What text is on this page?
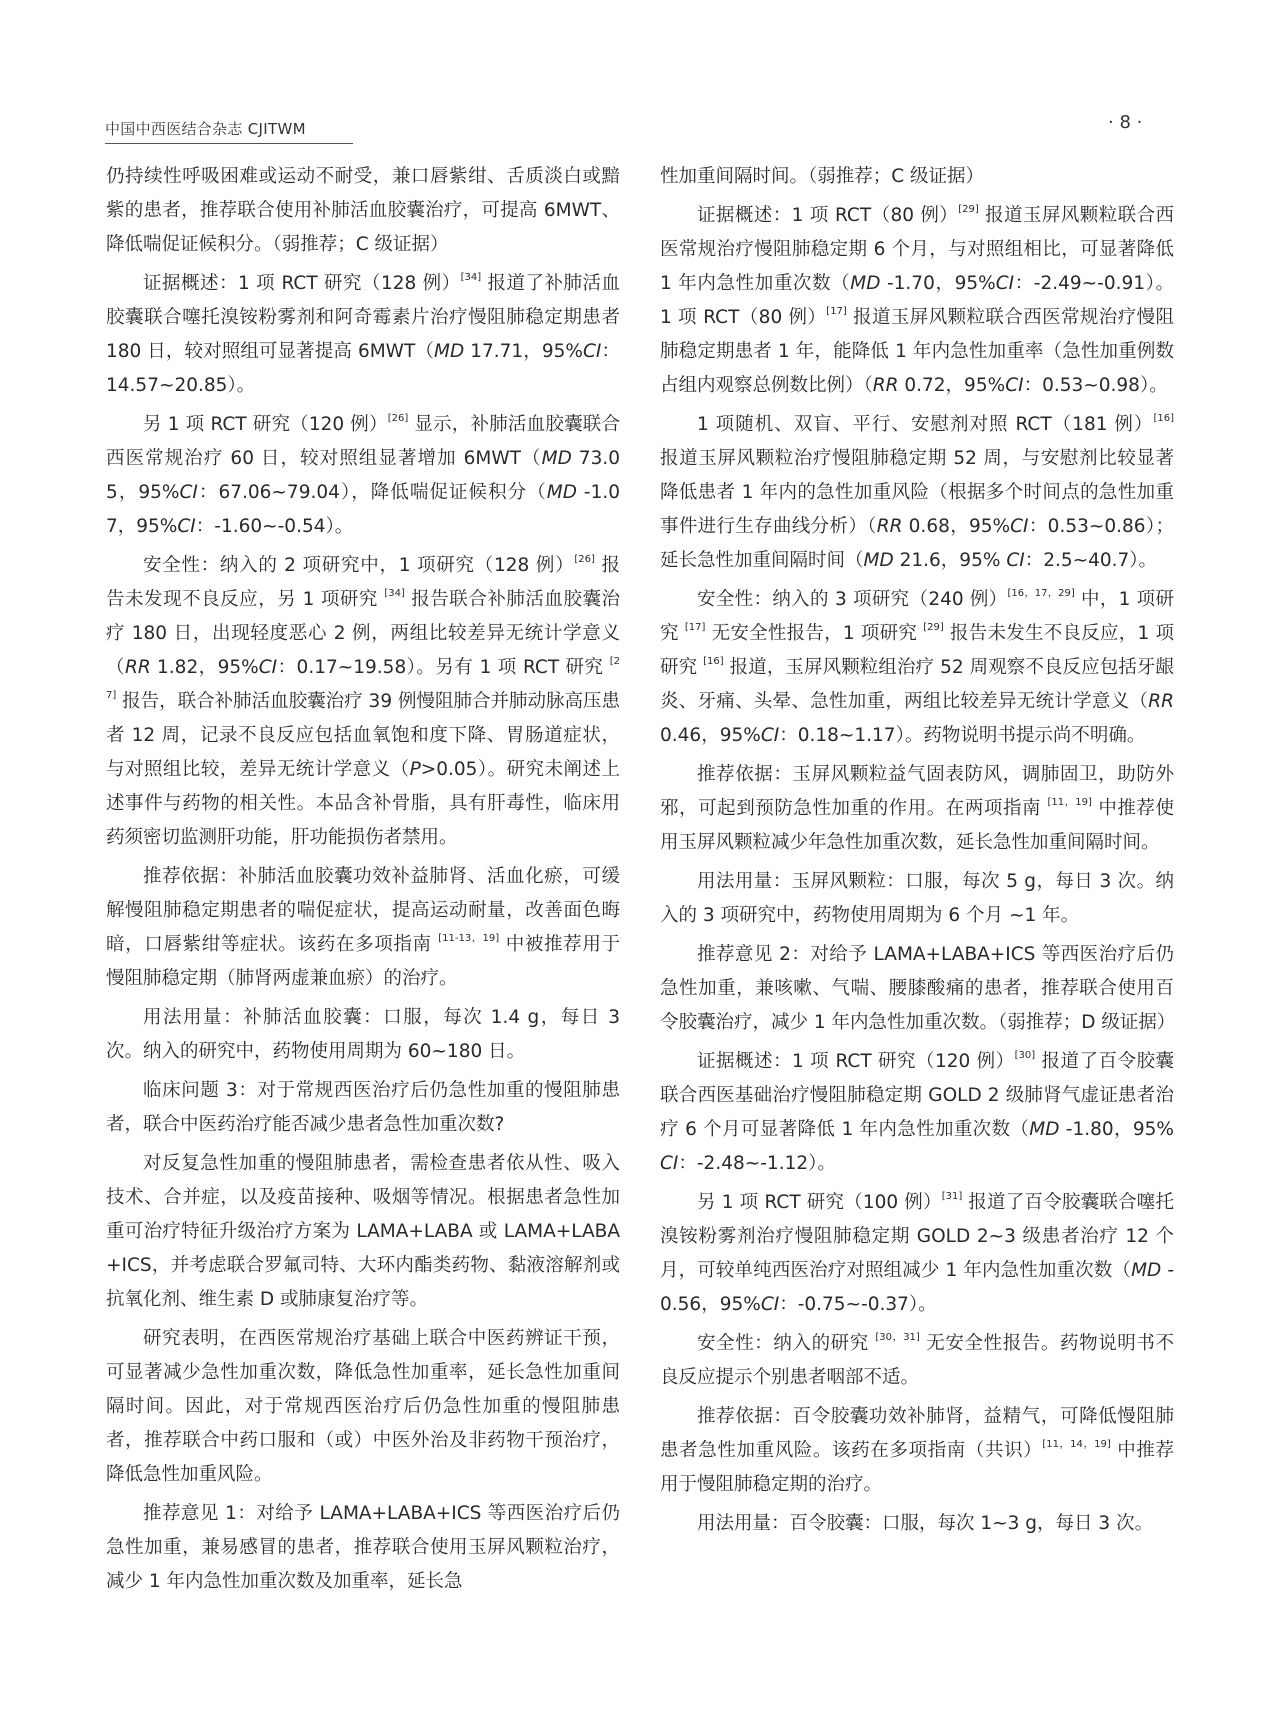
中国中西医结合杂志 CJITWM	· 8 ·

仍持续性呼吸困难或运动不耐受，兼口唇紫绀、舌质淡白或黯紫的患者，推荐联合使用补肺活血胶囊治疗，可提高 6MWT、降低喘促证候积分。（弱推荐；C 级证据）

证据概述：1 项 RCT 研究（128 例）[34] 报道了补肺活血胶囊联合噻托溴铵粉雾剂和阿奇霉素片治疗慢阻肺稳定期患者 180 日，较对照组可显著提高 6MWT（MD 17.71，95%CI：14.57~20.85）。

另 1 项 RCT 研究（120 例）[26] 显示，补肺活血胶囊联合西医常规治疗 60 日，较对照组显著增加 6MWT（MD 73.05，95%CI：67.06~79.04），降低喘促证候积分（MD -1.07，95%CI：-1.60~-0.54）。

安全性：纳入的 2 项研究中，1 项研究（128 例）[26] 报告未发现不良反应，另 1 项研究 [34] 报告联合补肺活血胶囊治疗 180 日，出现轻度恶心 2 例，两组比较差异无统计学意义（RR 1.82，95%CI：0.17~19.58）。另有 1 项 RCT 研究 [27] 报告，联合补肺活血胶囊治疗 39 例慢阻肺合并肺动脉高压患者 12 周，记录不良反应包括血氧饱和度下降、胃肠道症状，与对照组比较，差异无统计学意义（P>0.05）。研究未阐述上述事件与药物的相关性。本品含补骨脂，具有肝毒性，临床用药须密切监测肝功能，肝功能损伤者禁用。

推荐依据：补肺活血胶囊功效补益肺肾、活血化瘀，可缓解慢阻肺稳定期患者的喘促症状，提高运动耐量，改善面色晦暗，口唇紫绀等症状。该药在多项指南 [11-13，19] 中被推荐用于慢阻肺稳定期（肺肾两虚兼血瘀）的治疗。

用法用量：补肺活血胶囊：口服，每次 1.4 g，每日 3 次。纳入的研究中，药物使用周期为 60~180 日。

临床问题 3：对于常规西医治疗后仍急性加重的慢阻肺患者，联合中医药治疗能否减少患者急性加重次数?

对反复急性加重的慢阻肺患者，需检查患者依从性、吸入技术、合并症，以及疫苗接种、吸烟等情况。根据患者急性加重可治疗特征升级治疗方案为 LAMA+LABA 或 LAMA+LABA+ICS，并考虑联合罗氟司特、大环内酯类药物、黏液溶解剂或抗氧化剂、维生素 D 或肺康复治疗等。

研究表明，在西医常规治疗基础上联合中医药辨证干预，可显著减少急性加重次数，降低急性加重率，延长急性加重间隔时间。因此，对于常规西医治疗后仍急性加重的慢阻肺患者，推荐联合中药口服和（或）中医外治及非药物干预治疗，降低急性加重风险。

推荐意见 1：对给予 LAMA+LABA+ICS 等西医治疗后仍急性加重，兼易感冒的患者，推荐联合使用玉屏风颗粒治疗，减少 1 年内急性加重次数及加重率，延长急

性加重间隔时间。（弱推荐；C 级证据）

证据概述：1 项 RCT（80 例）[29] 报道玉屏风颗粒联合西医常规治疗慢阻肺稳定期 6 个月，与对照组相比，可显著降低 1 年内急性加重次数（MD -1.70，95%CI：-2.49~-0.91）。1 项 RCT（80 例）[17] 报道玉屏风颗粒联合西医常规治疗慢阻肺稳定期患者 1 年，能降低 1 年内急性加重率（急性加重例数占组内观察总例数比例）（RR 0.72，95%CI：0.53~0.98）。

1 项随机、双盲、平行、安慰剂对照 RCT（181 例）[16] 报道玉屏风颗粒治疗慢阻肺稳定期 52 周，与安慰剂比较显著降低患者 1 年内的急性加重风险（根据多个时间点的急性加重事件进行生存曲线分析）（RR 0.68，95%CI：0.53~0.86）；延长急性加重间隔时间（MD 21.6，95% CI：2.5~40.7）。

安全性：纳入的 3 项研究（240 例）[16，17，29] 中，1 项研究 [17] 无安全性报告，1 项研究 [29] 报告未发生不良反应，1 项研究 [16] 报道，玉屏风颗粒组治疗 52 周观察不良反应包括牙龈炎、牙痛、头晕、急性加重，两组比较差异无统计学意义（RR 0.46，95%CI：0.18~1.17）。药物说明书提示尚不明确。

推荐依据：玉屏风颗粒益气固表防风，调肺固卫，助防外邪，可起到预防急性加重的作用。在两项指南 [11，19] 中推荐使用玉屏风颗粒减少年急性加重次数，延长急性加重间隔时间。

用法用量：玉屏风颗粒：口服，每次 5 g，每日 3 次。纳入的 3 项研究中，药物使用周期为 6 个月 ~1 年。

推荐意见 2：对给予 LAMA+LABA+ICS 等西医治疗后仍急性加重，兼咳嗽、气喘、腰膝酸痛的患者，推荐联合使用百令胶囊治疗，减少 1 年内急性加重次数。（弱推荐；D 级证据）

证据概述：1 项 RCT 研究（120 例）[30] 报道了百令胶囊联合西医基础治疗慢阻肺稳定期 GOLD 2 级肺肾气虚证患者治疗 6 个月可显著降低 1 年内急性加重次数（MD -1.80，95%CI：-2.48~-1.12）。

另 1 项 RCT 研究（100 例）[31] 报道了百令胶囊联合噻托溴铵粉雾剂治疗慢阻肺稳定期 GOLD 2~3 级患者治疗 12 个月，可较单纯西医治疗对照组减少 1 年内急性加重次数（MD -0.56，95%CI：-0.75~-0.37）。

安全性：纳入的研究 [30，31] 无安全性报告。药物说明书不良反应提示个别患者咽部不适。

推荐依据：百令胶囊功效补肺肾，益精气，可降低慢阻肺患者急性加重风险。该药在多项指南（共识）[11，14，19] 中推荐用于慢阻肺稳定期的治疗。

用法用量：百令胶囊：口服，每次 1~3 g，每日 3 次。
